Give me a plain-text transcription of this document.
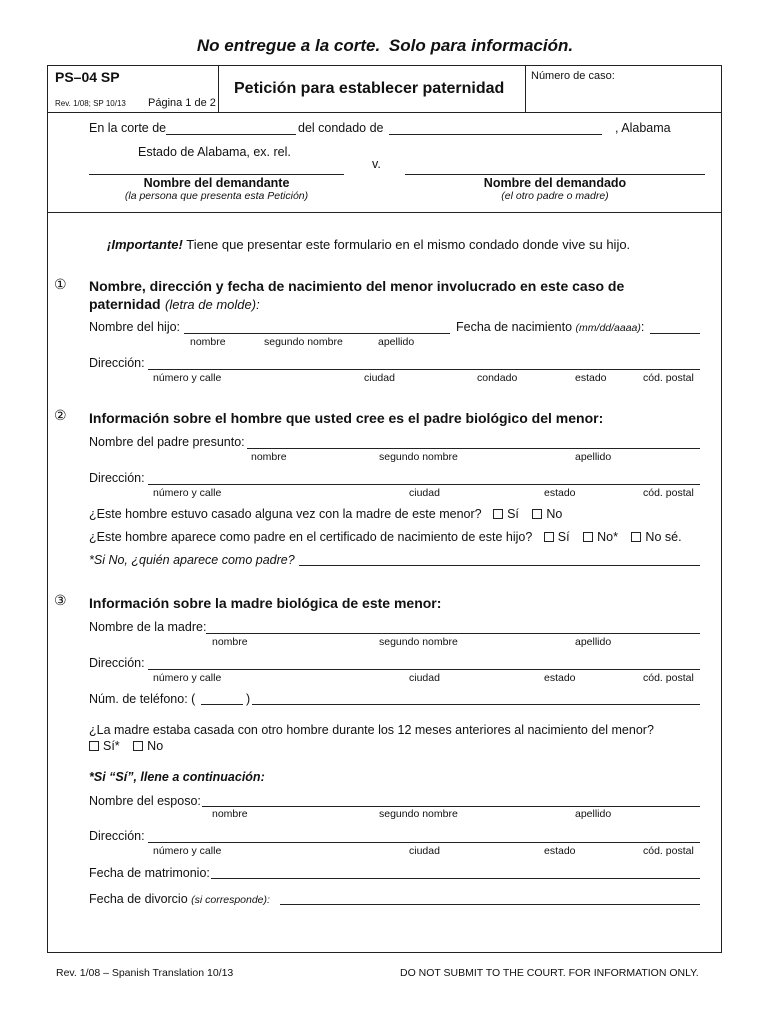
No entregue a la corte. Solo para información.
PS–04 SP
Rev. 1/08; SP 10/13 Página 1 de 2
Petición para establecer paternidad
Número de caso:
En la corte de	del condado de	, Alabama
Estado de Alabama, ex. rel.
v.
Nombre del demandante
(la persona que presenta esta Petición)
Nombre del demandado
(el otro padre o madre)
¡Importante! Tiene que presentar este formulario en el mismo condado donde vive su hijo.
① Nombre, dirección y fecha de nacimiento del menor involucrado en este caso de
paternidad (letra de molde):
Nombre del hijo:	Fecha de nacimiento (mm/dd/aaaa):
nombre	segundo nombre	apellido
Dirección:
número y calle	ciudad	condado	estado	cód. postal
② Información sobre el hombre que usted cree es el padre biológico del menor:
Nombre del padre presunto:
nombre	segundo nombre	apellido
Dirección:
número y calle	ciudad	estado	cód. postal
¿Este hombre estuvo casado alguna vez con la madre de este menor? Sí No
¿Este hombre aparece como padre en el certificado de nacimiento de este hijo? Sí No* No sé.
*Si No, ¿quién aparece como padre?
③ Información sobre la madre biológica de este menor:
Nombre de la madre:
nombre	segundo nombre	apellido
Dirección:
número y calle	ciudad	estado	cód. postal
Núm. de teléfono: (	)
¿La madre estaba casada con otro hombre durante los 12 meses anteriores al nacimiento del menor?
Sí* No
*Si “Sí”, llene a continuación:
Nombre del esposo:
nombre	segundo nombre	apellido
Dirección:
número y calle	ciudad	estado	cód. postal
Fecha de matrimonio:
Fecha de divorcio (si corresponde):
Rev. 1/08 – Spanish Translation 10/13	DO NOT SUBMIT TO THE COURT. FOR INFORMATION ONLY.
